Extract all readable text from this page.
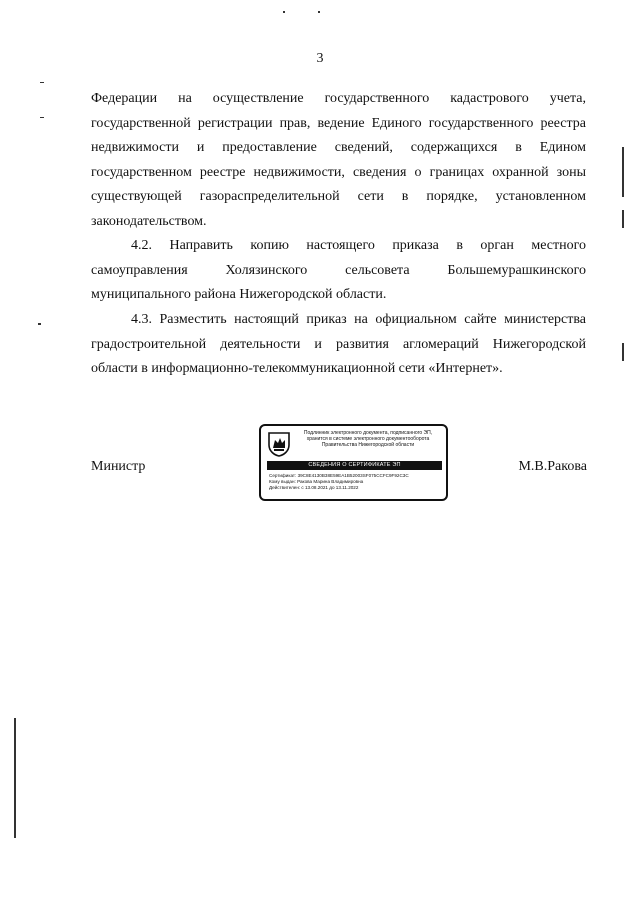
3
Федерации на осуществление государственного кадастрового учета,
государственной регистрации прав, ведение Единого государственного реестра
недвижимости и предоставление сведений, содержащихся в Едином
государственном реестре недвижимости, сведения о границах охранной зоны
существующей газораспределительной сети в порядке, установленном
законодательством.
4.2. Направить копию настоящего приказа в орган местного
самоуправления Холязинского сельсовета Большемурашкинского
муниципального района Нижегородской области.
4.3. Разместить настоящий приказ на официальном сайте министерства
градостроительной деятельности и развития агломераций Нижегородской
области в информационно-телекоммуникационной сети «Интернет».
Министр	М.В.Ракова
Подлинник электронного документа, подписанного ЭП,
хранится в системе электронного документооборота
Правительства Нижегородской области
СВЕДЕНИЯ О СЕРТИФИКАТЕ ЭП
Сертификат: 39C8E4130B38E59EA1B52003SF075CCFC9F92C3C
Кому выдан: Ракова Марина Владимировна
Действителен: с 13.08.2021 до 13.11.2022
